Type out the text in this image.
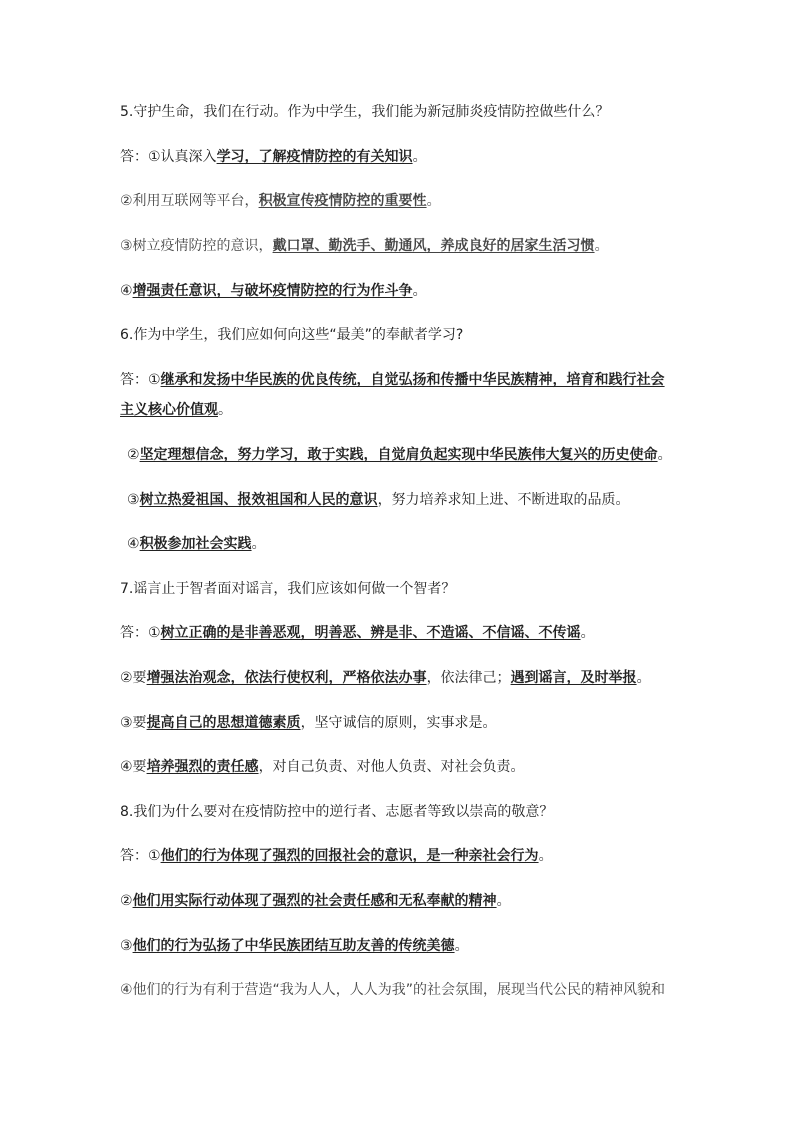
5.守护生命，我们在行动。作为中学生，我们能为新冠肺炎疫情防控做些什么？
答：①认真深入学习，了解疫情防控的有关知识。
②利用互联网等平台，积极宣传疫情防控的重要性。
③树立疫情防控的意识，戴口罩、勤洗手、勤通风，养成良好的居家生活习惯。
④增强责任意识，与破坏疫情防控的行为作斗争。
6.作为中学生，我们应如何向这些“最美”的奉献者学习?
答：①继承和发扬中华民族的优良传统，自觉弘扬和传播中华民族精神，培育和践行社会
主义核心价值观。
②坚定理想信念，努力学习，敢于实践，自觉肩负起实现中华民族伟大复兴的历史使命。
③树立热爱祖国、报效祖国和人民的意识，努力培养求知上进、不断进取的品质。
④积极参加社会实践。
7.谣言止于智者面对谣言，我们应该如何做一个智者？
答：①树立正确的是非善恶观，明善恶、辨是非、不造谣、不信谣、不传谣。
②要增强法治观念，依法行使权利，严格依法办事，依法律己；遇到谣言，及时举报。
③要提高自己的思想道德素质，坚守诚信的原则，实事求是。
④要培养强烈的责任感，对自己负责、对他人负责、对社会负责。
8.我们为什么要对在疫情防控中的逆行者、志愿者等致以崇高的敬意？
答：①他们的行为体现了强烈的回报社会的意识，是一种亲社会行为。
②他们用实际行动体现了强烈的社会责任感和无私奉献的精神。
③他们的行为弘扬了中华民族团结互助友善的传统美德。
④他们的行为有利于营造“我为人人，人人为我”的社会氛围，展现当代公民的精神风貌和
